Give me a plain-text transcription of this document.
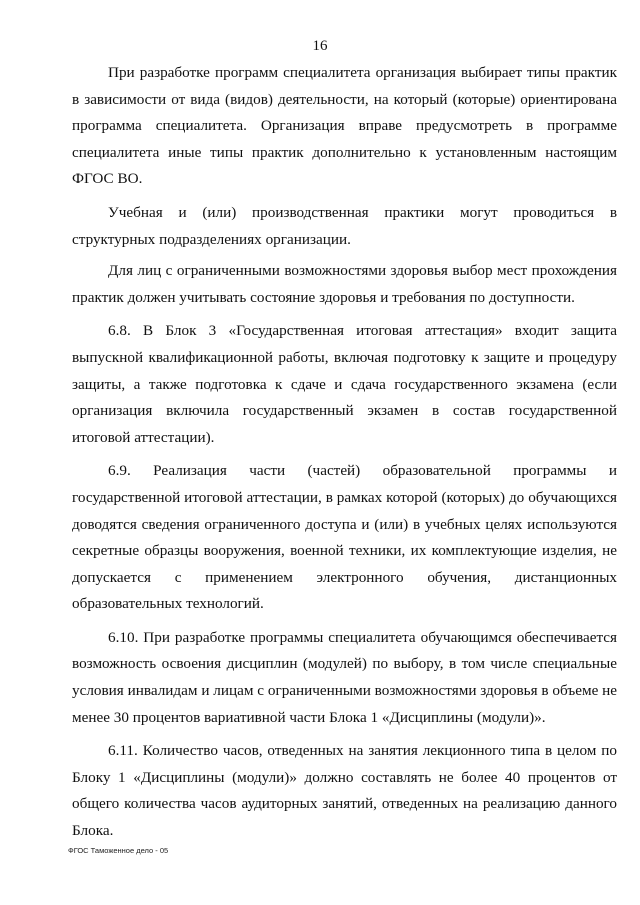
16

При разработке программ специалитета организация выбирает типы практик в зависимости от вида (видов) деятельности, на который (которые) ориентирована программа специалитета. Организация вправе предусмотреть в программе специалитета иные типы практик дополнительно к установленным настоящим ФГОС ВО.

Учебная и (или) производственная практики могут проводиться в структурных подразделениях организации.

Для лиц с ограниченными возможностями здоровья выбор мест прохождения практик должен учитывать состояние здоровья и требования по доступности.

6.8. В Блок 3 «Государственная итоговая аттестация» входит защита выпускной квалификационной работы, включая подготовку к защите и процедуру защиты, а также подготовка к сдаче и сдача государственного экзамена (если организация включила государственный экзамен в состав государственной итоговой аттестации).

6.9. Реализация части (частей) образовательной программы и государственной итоговой аттестации, в рамках которой (которых) до обучающихся доводятся сведения ограниченного доступа и (или) в учебных целях используются секретные образцы вооружения, военной техники, их комплектующие изделия, не допускается с применением электронного обучения, дистанционных образовательных технологий.

6.10. При разработке программы специалитета обучающимся обеспечивается возможность освоения дисциплин (модулей) по выбору, в том числе специальные условия инвалидам и лицам с ограниченными возможностями здоровья в объеме не менее 30 процентов вариативной части Блока 1 «Дисциплины (модули)».

6.11. Количество часов, отведенных на занятия лекционного типа в целом по Блоку 1 «Дисциплины (модули)» должно составлять не более 40 процентов от общего количества часов аудиторных занятий, отведенных на реализацию данного Блока.

ФГОС Таможенное дело - 05
